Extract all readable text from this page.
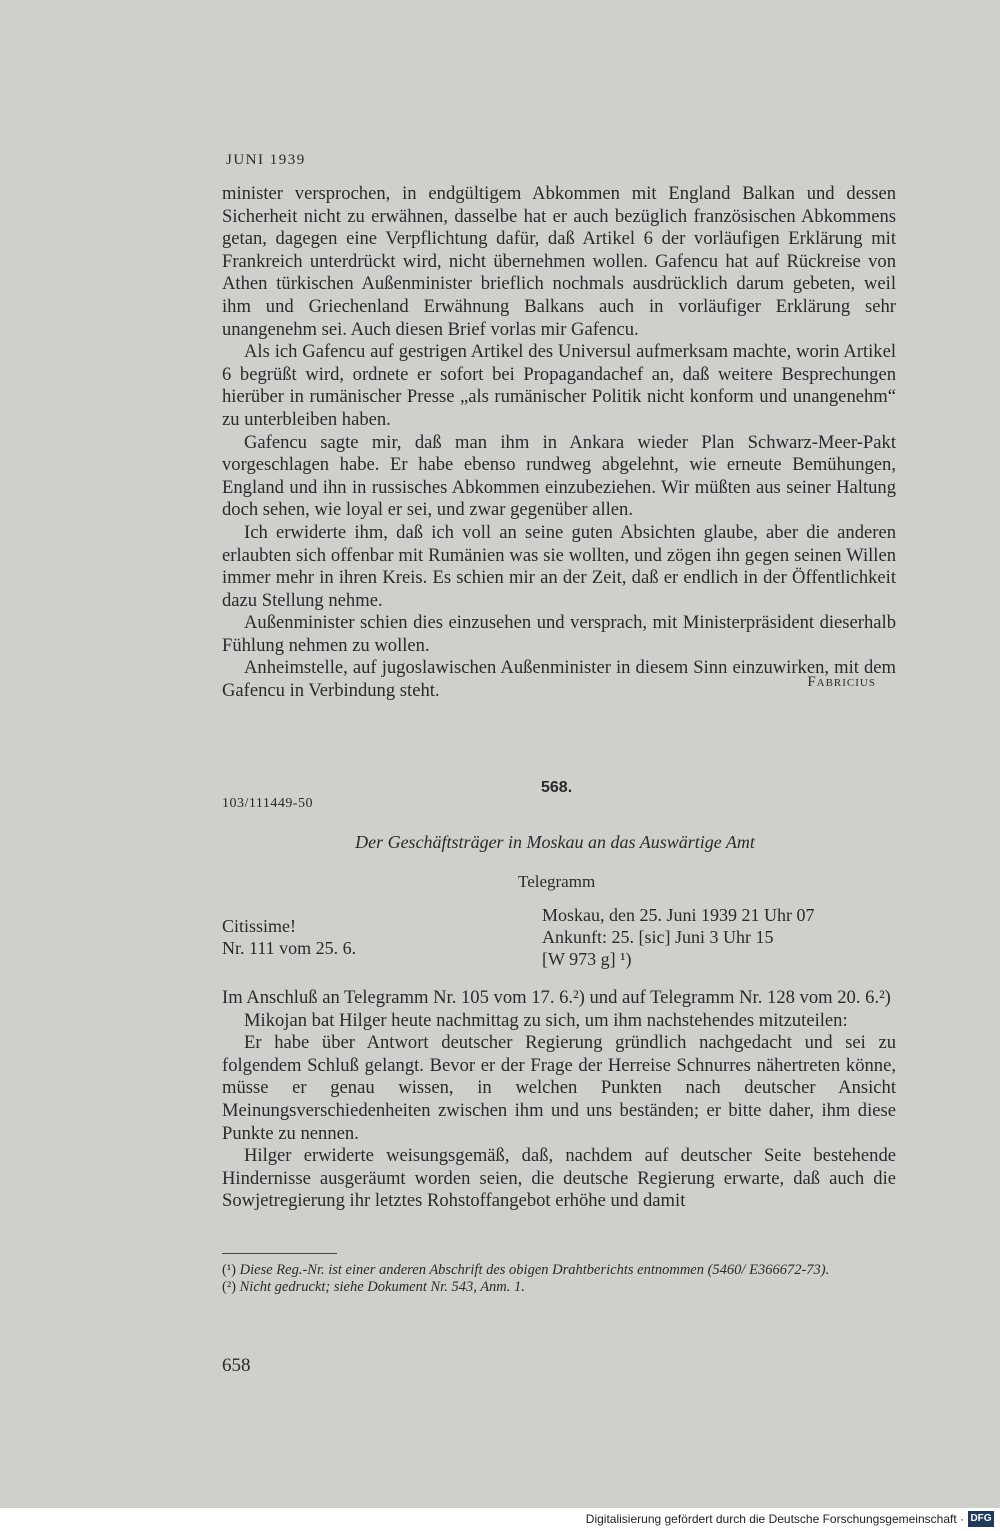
JUNI 1939

minister versprochen, in endgültigem Abkommen mit England Balkan und dessen Sicherheit nicht zu erwähnen, dasselbe hat er auch bezüglich französischen Abkommens getan, dagegen eine Verpflichtung dafür, daß Artikel 6 der vorläufigen Erklärung mit Frankreich unterdrückt wird, nicht übernehmen wollen. Gafencu hat auf Rückreise von Athen türkischen Außenminister brieflich nochmals ausdrücklich darum gebeten, weil ihm und Griechenland Erwähnung Balkans auch in vorläufiger Erklärung sehr unangenehm sei. Auch diesen Brief vorlas mir Gafencu.

Als ich Gafencu auf gestrigen Artikel des Universul aufmerksam machte, worin Artikel 6 begrüßt wird, ordnete er sofort bei Propagandachef an, daß weitere Besprechungen hierüber in rumänischer Presse „als rumänischer Politik nicht konform und unangenehm“ zu unterbleiben haben.

Gafencu sagte mir, daß man ihm in Ankara wieder Plan Schwarz-Meer-Pakt vorgeschlagen habe. Er habe ebenso rundweg abgelehnt, wie erneute Bemühungen, England und ihn in russisches Abkommen einzubeziehen. Wir müßten aus seiner Haltung doch sehen, wie loyal er sei, und zwar gegenüber allen.

Ich erwiderte ihm, daß ich voll an seine guten Absichten glaube, aber die anderen erlaubten sich offenbar mit Rumänien was sie wollten, und zögen ihn gegen seinen Willen immer mehr in ihren Kreis. Es schien mir an der Zeit, daß er endlich in der Öffentlichkeit dazu Stellung nehme.

Außenminister schien dies einzusehen und versprach, mit Ministerpräsident dieserhalb Fühlung nehmen zu wollen.

Anheimstelle, auf jugoslawischen Außenminister in diesem Sinn einzuwirken, mit dem Gafencu in Verbindung steht.	Fabricius
568.
103/111449-50
Der Geschäftsträger in Moskau an das Auswärtige Amt
Telegramm
Citissime!
Nr. 111 vom 25. 6.
Moskau, den 25. Juni 1939 21 Uhr 07
Ankunft: 25. [sic] Juni 3 Uhr 15
[W 973 g] ¹)

Im Anschluß an Telegramm Nr. 105 vom 17. 6.²) und auf Telegramm Nr. 128 vom 20. 6.²)

Mikojan bat Hilger heute nachmittag zu sich, um ihm nachstehendes mitzuteilen:

Er habe über Antwort deutscher Regierung gründlich nachgedacht und sei zu folgendem Schluß gelangt. Bevor er der Frage der Herreise Schnurres nähertreten könne, müsse er genau wissen, in welchen Punkten nach deutscher Ansicht Meinungsverschiedenheiten zwischen ihm und uns beständen; er bitte daher, ihm diese Punkte zu nennen.

Hilger erwiderte weisungsgemäß, daß, nachdem auf deutscher Seite bestehende Hindernisse ausgeräumt worden seien, die deutsche Regierung erwarte, daß auch die Sowjetregierung ihr letztes Rohstoffangebot erhöhe und damit

(¹) Diese Reg.-Nr. ist einer anderen Abschrift des obigen Drahtberichts entnommen (5460/ E366672-73).

(²) Nicht gedruckt; siehe Dokument Nr. 543, Anm. 1.

658
Digitalisierung gefördert durch die Deutsche Forschungsgemeinschaft · DFG
